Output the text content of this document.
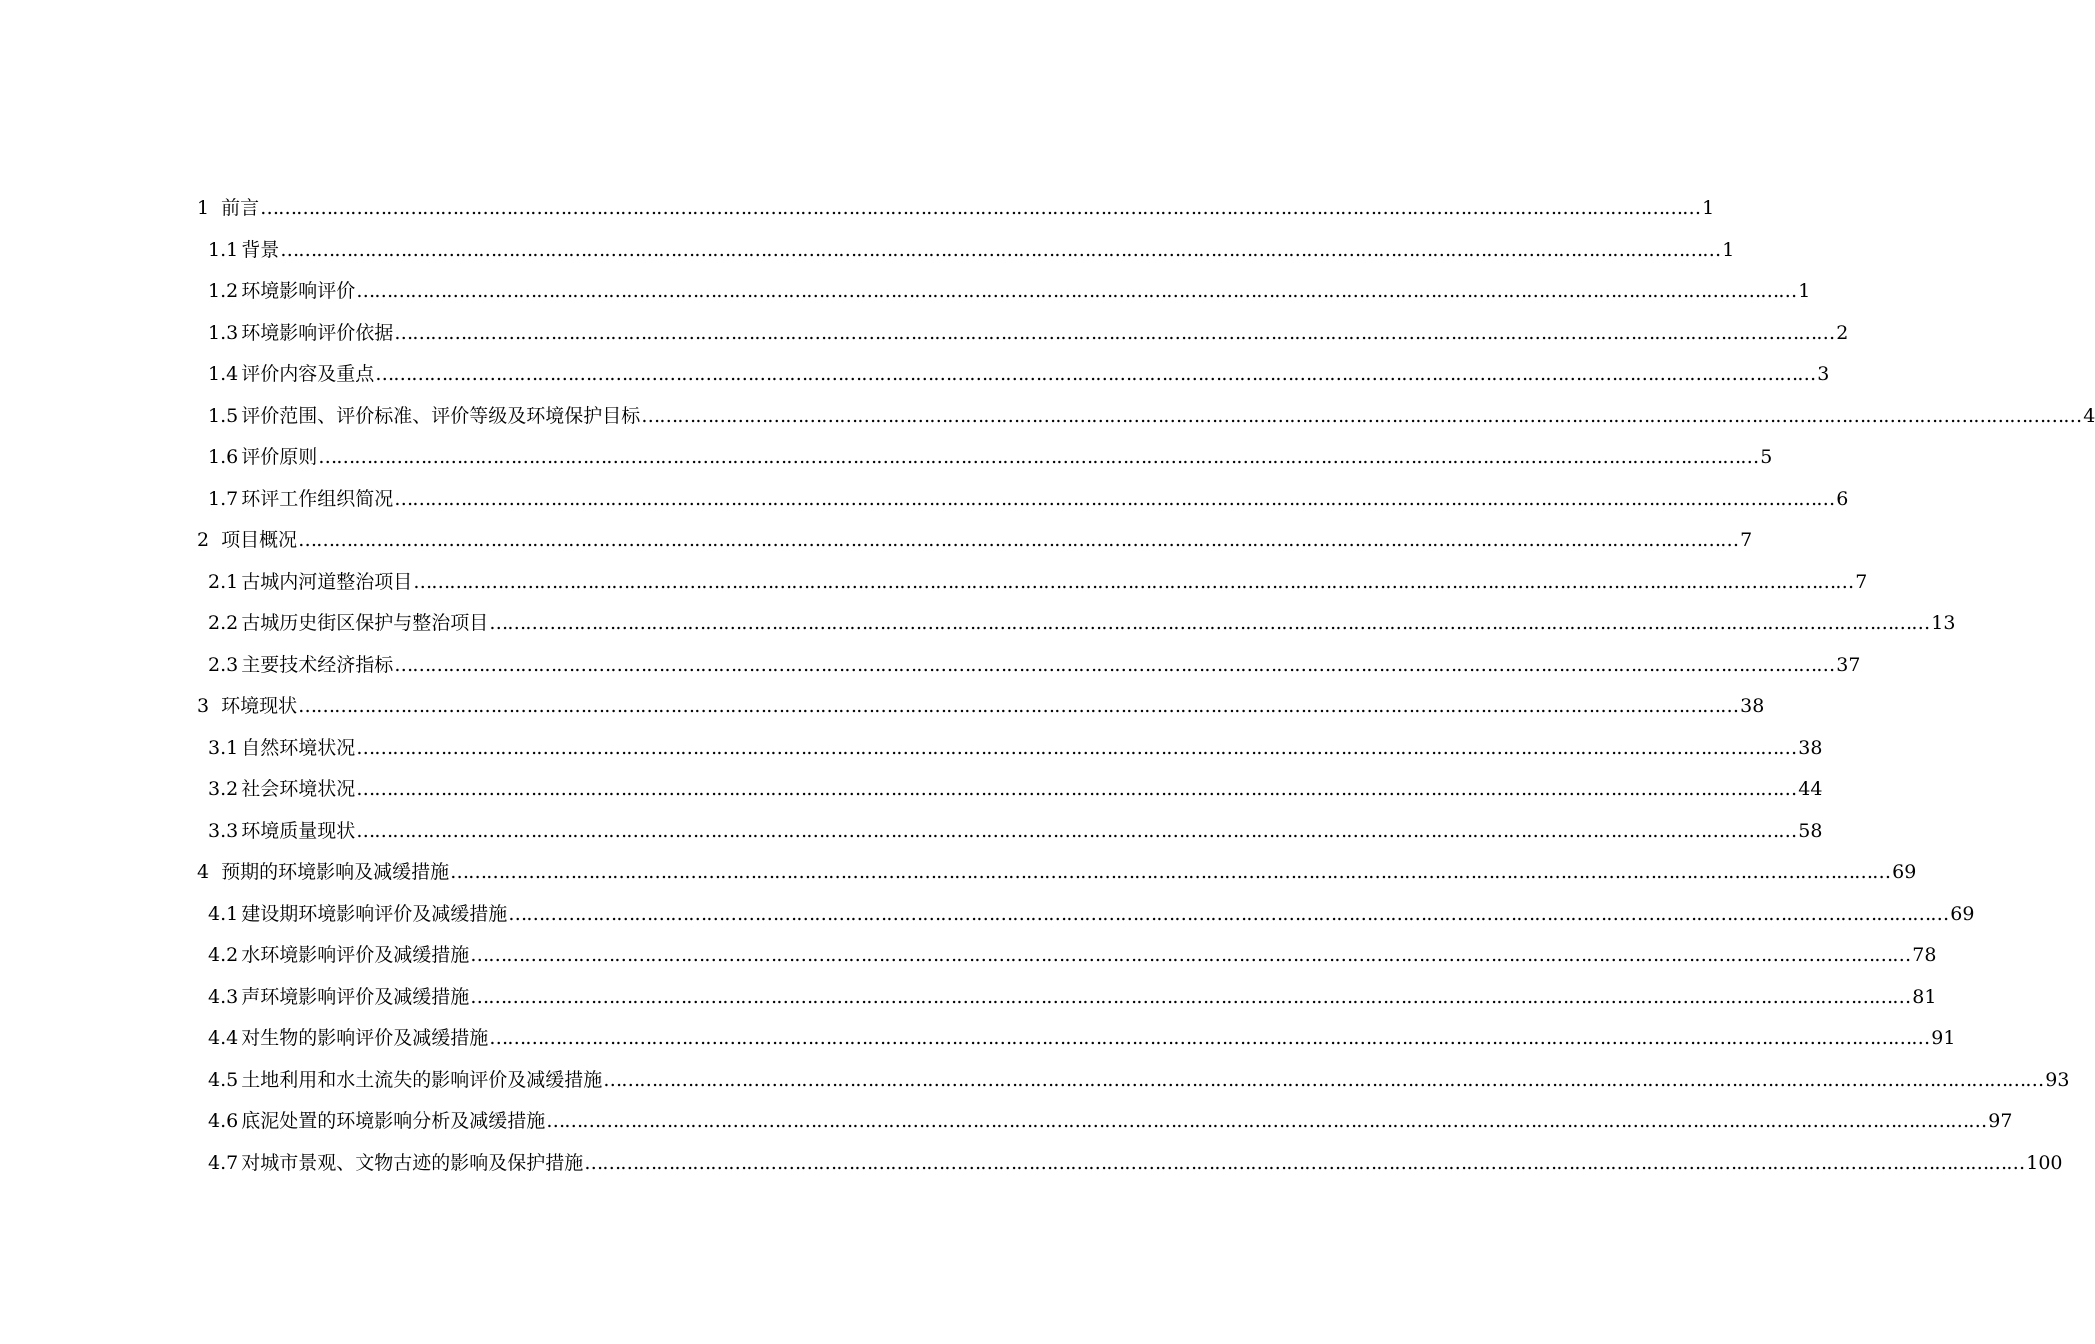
1 前言 …………………………………………………………………………………………………………………………………………………………………………………………………………………… 1
1.1 背景 …………………………………………………………………………………………………………………………………………………………………………………………………………………… 1
1.2 环境影响评价 …………………………………………………………………………………………………………………………………………………………………………………………………………………… 1
1.3 环境影响评价依据 …………………………………………………………………………………………………………………………………………………………………………………………………………………… 2
1.4 评价内容及重点 …………………………………………………………………………………………………………………………………………………………………………………………………………………… 3
1.5 评价范围、评价标准、评价等级及环境保护目标 …………………………………………………………………………………………………………………………………………………………………………………………………………………… 4
1.6 评价原则 …………………………………………………………………………………………………………………………………………………………………………………………………………………… 5
1.7 环评工作组织简况 …………………………………………………………………………………………………………………………………………………………………………………………………………………… 6
2 项目概况 …………………………………………………………………………………………………………………………………………………………………………………………………………………… 7
2.1 古城内河道整治项目 …………………………………………………………………………………………………………………………………………………………………………………………………………………… 7
2.2 古城历史街区保护与整治项目 …………………………………………………………………………………………………………………………………………………………………………………………………………………… 13
2.3 主要技术经济指标 …………………………………………………………………………………………………………………………………………………………………………………………………………………… 37
3 环境现状 …………………………………………………………………………………………………………………………………………………………………………………………………………………… 38
3.1 自然环境状况 …………………………………………………………………………………………………………………………………………………………………………………………………………………… 38
3.2 社会环境状况 …………………………………………………………………………………………………………………………………………………………………………………………………………………… 44
3.3 环境质量现状 …………………………………………………………………………………………………………………………………………………………………………………………………………………… 58
4 预期的环境影响及减缓措施 …………………………………………………………………………………………………………………………………………………………………………………………………………………… 69
4.1 建设期环境影响评价及减缓措施 …………………………………………………………………………………………………………………………………………………………………………………………………………………… 69
4.2 水环境影响评价及减缓措施 …………………………………………………………………………………………………………………………………………………………………………………………………………………… 78
4.3 声环境影响评价及减缓措施 …………………………………………………………………………………………………………………………………………………………………………………………………………………… 81
4.4 对生物的影响评价及减缓措施 …………………………………………………………………………………………………………………………………………………………………………………………………………………… 91
4.5 土地利用和水土流失的影响评价及减缓措施 …………………………………………………………………………………………………………………………………………………………………………………………………………………… 93
4.6 底泥处置的环境影响分析及减缓措施 …………………………………………………………………………………………………………………………………………………………………………………………………………………… 97
4.7 对城市景观、文物古迹的影响及保护措施 …………………………………………………………………………………………………………………………………………………………………………………………………………………… 100
